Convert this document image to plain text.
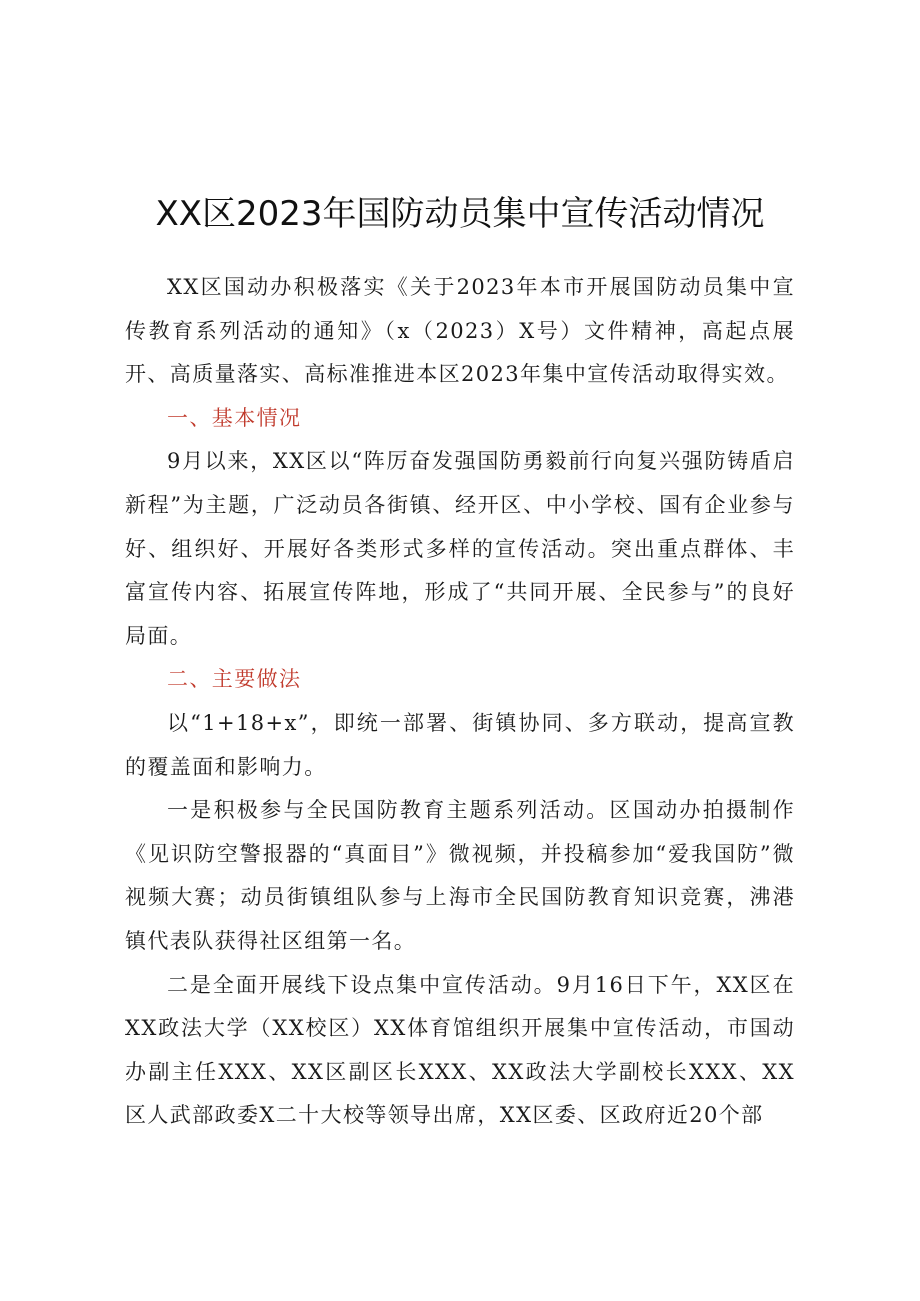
XX区2023年国防动员集中宣传活动情况

XX区国动办积极落实《关于2023年本市开展国防动员集中宣传教育系列活动的通知》（x（2023）X号）文件精神，高起点展开、高质量落实、高标准推进本区2023年集中宣传活动取得实效。

一、基本情况

9月以来，XX区以“阵厉奋发强国防勇毅前行向复兴强防铸盾启新程”为主题，广泛动员各街镇、经开区、中小学校、国有企业参与好、组织好、开展好各类形式多样的宣传活动。突出重点群体、丰富宣传内容、拓展宣传阵地，形成了“共同开展、全民参与”的良好局面。

二、主要做法

以“1+18+x”，即统一部署、街镇协同、多方联动，提高宣教的覆盖面和影响力。

一是积极参与全民国防教育主题系列活动。区国动办拍摄制作《见识防空警报器的“真面目”》微视频，并投稿参加“爱我国防”微视频大赛；动员街镇组队参与上海市全民国防教育知识竞赛，沸港镇代表队获得社区组第一名。

二是全面开展线下设点集中宣传活动。9月16日下午，XX区在XX政法大学（XX校区）XX体育馆组织开展集中宣传活动，市国动办副主任XXX、XX区副区长XXX、XX政法大学副校长XXX、XX区人武部政委X二十大校等领导出席，XX区委、区政府近20个部
